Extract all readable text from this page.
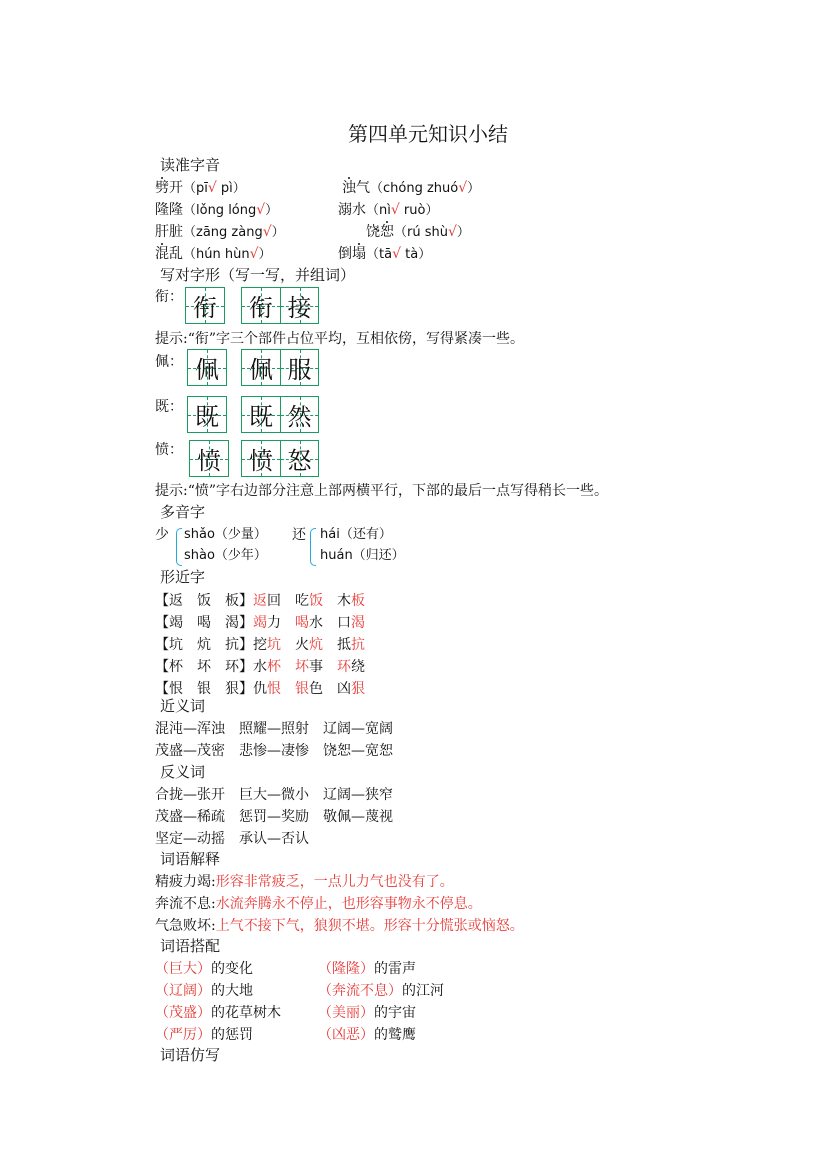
第四单元知识小结
读准字音
劈开（pī√ pì）	浊气（chóng zhuó√）
隆隆（lǒng lóng√）	溺水（nì√ ruò）
肝脏（zāng zàng√）	饶恕（rú shù√）
混乱（hún hùn√）	倒塌（tā√ tà）
写对字形（写一写，并组词）
衔： 衔 衔 接
提示:“衔”字三个部件占位平均，互相依傍，写得紧凑一些。
佩： 佩 佩 服
既： 既 既 然
愤： 愤 愤 怒
提示:“愤”字右边部分注意上部两横平行，下部的最后一点写得稍长一些。
多音字
少 shǎo（少量）
shào（少年）
还 hái（还有）
huán（归还）
形近字
【返　饭　板】返回 吃饭 木板
【竭　喝　渴】竭力 喝水 口渴
【坑　炕　抗】挖坑 火炕 抵抗
【杯　坏　环】水杯 坏事 环绕
【恨　银　狠】仇恨 银色 凶狠
近义词
混沌—浑浊　照耀—照射　辽阔—宽阔
茂盛—茂密　悲惨—凄惨　饶恕—宽恕
反义词
合拢—张开　巨大—微小　辽阔—狭窄
茂盛—稀疏　惩罚—奖励　敬佩—蔑视
坚定—动摇　承认—否认
词语解释
精疲力竭:形容非常疲乏，一点儿力气也没有了。
奔流不息:水流奔腾永不停止，也形容事物永不停息。
气急败坏:上气不接下气，狼狈不堪。形容十分慌张或恼怒。
词语搭配
（巨大）的变化	（隆隆）的雷声
（辽阔）的大地	（奔流不息）的江河
（茂盛）的花草树木	（美丽）的宇宙
（严厉）的惩罚	（凶恶）的鹫鹰
词语仿写
